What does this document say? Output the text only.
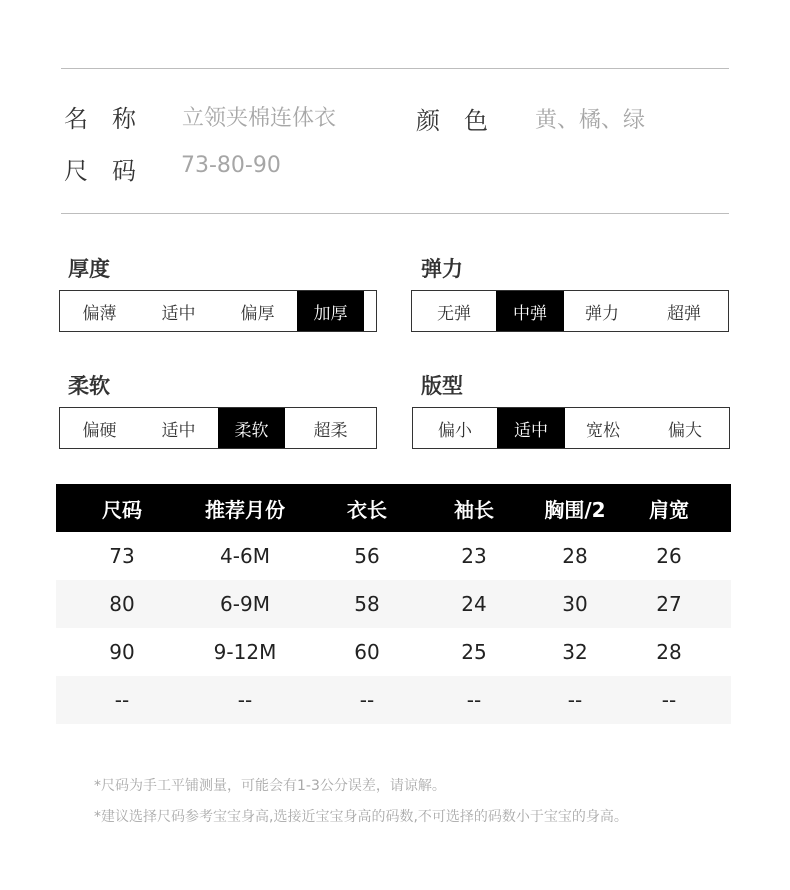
名　称 立领夹棉连体衣	颜　色 黄、橘、绿
尺　码 73-80-90
厚度
偏薄	适中	偏厚	加厚
弹力
无弹	中弹	弹力	超弹
柔软
偏硬	适中	柔软	超柔
版型
偏小	适中	宽松	偏大
尺码	推荐月份	衣长	袖长	胸围/2	肩宽
73	4-6M	56	23	28	26
80	6-9M	58	24	30	27
90	9-12M	60	25	32	28
--	--	--	--	--	--
*尺码为手工平铺测量，可能会有1-3公分误差，请谅解。
*建议选择尺码参考宝宝身高,选接近宝宝身高的码数,不可选择的码数小于宝宝的身高。
